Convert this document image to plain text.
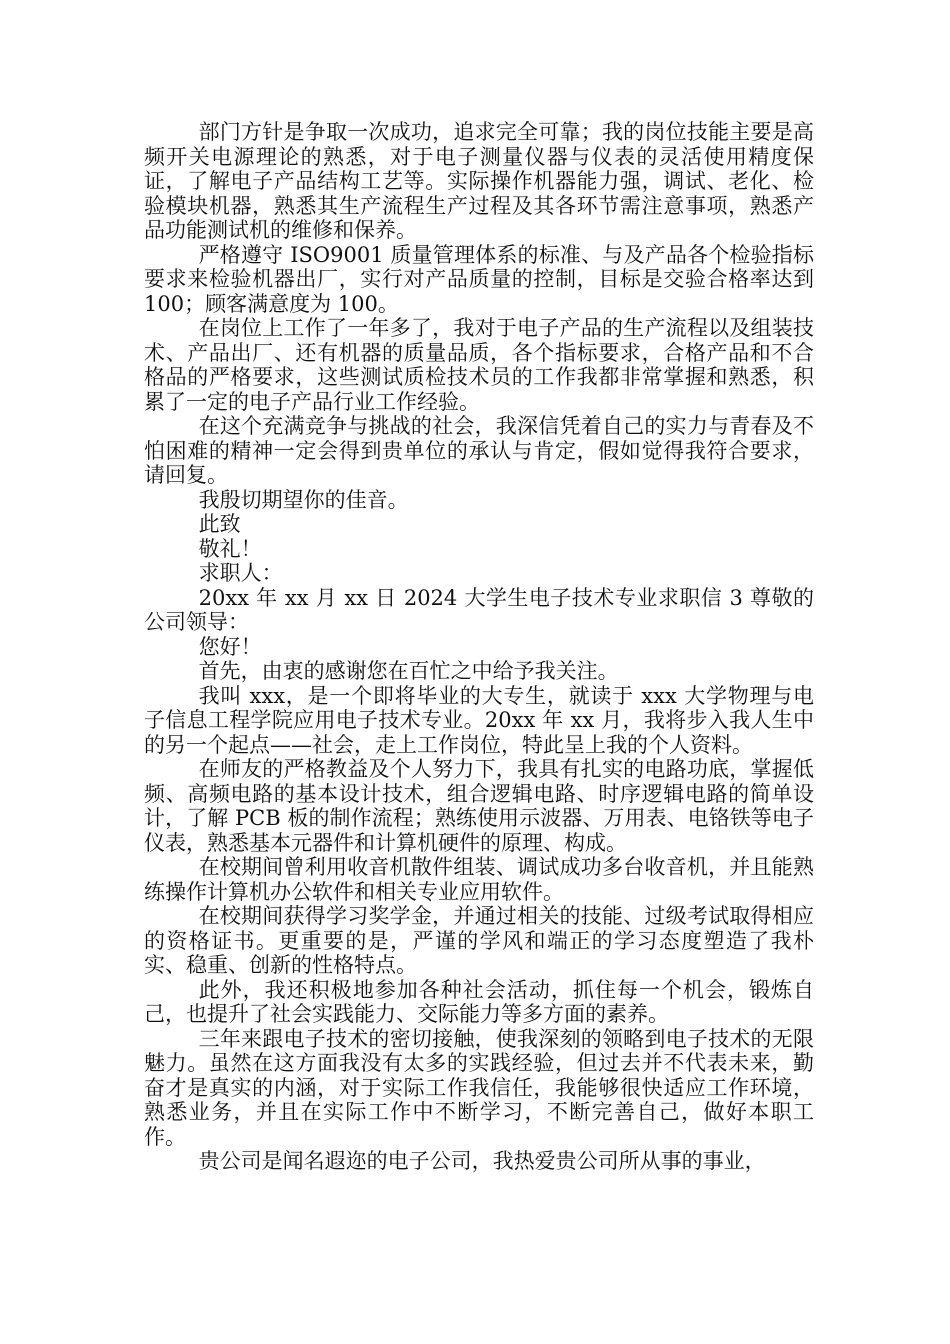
部门方针是争取一次成功，追求完全可靠；我的岗位技能主要是高频开关电源理论的熟悉，对于电子测量仪器与仪表的灵活使用精度保证，了解电子产品结构工艺等。实际操作机器能力强，调试、老化、检验模块机器，熟悉其生产流程生产过程及其各环节需注意事项，熟悉产品功能测试机的维修和保养。

严格遵守 ISO9001 质量管理体系的标准、与及产品各个检验指标要求来检验机器出厂，实行对产品质量的控制，目标是交验合格率达到 100；顾客满意度为 100。

在岗位上工作了一年多了，我对于电子产品的生产流程以及组装技术、产品出厂、还有机器的质量品质，各个指标要求，合格产品和不合格品的严格要求，这些测试质检技术员的工作我都非常掌握和熟悉，积累了一定的电子产品行业工作经验。

在这个充满竞争与挑战的社会，我深信凭着自己的实力与青春及不怕困难的精神一定会得到贵单位的承认与肯定，假如觉得我符合要求，请回复。

我殷切期望你的佳音。

此致

敬礼！

求职人：

20xx 年 xx 月 xx 日 2024 大学生电子技术专业求职信 3 尊敬的公司领导：

您好！

首先，由衷的感谢您在百忙之中给予我关注。

我叫 xxx，是一个即将毕业的大专生，就读于 xxx 大学物理与电子信息工程学院应用电子技术专业。20xx 年 xx 月，我将步入我人生中的另一个起点——社会，走上工作岗位，特此呈上我的个人资料。

在师友的严格教益及个人努力下，我具有扎实的电路功底，掌握低频、高频电路的基本设计技术，组合逻辑电路、时序逻辑电路的简单设计，了解 PCB 板的制作流程；熟练使用示波器、万用表、电铬铁等电子仪表，熟悉基本元器件和计算机硬件的原理、构成。

在校期间曾利用收音机散件组装、调试成功多台收音机，并且能熟练操作计算机办公软件和相关专业应用软件。

在校期间获得学习奖学金，并通过相关的技能、过级考试取得相应的资格证书。更重要的是，严谨的学风和端正的学习态度塑造了我朴实、稳重、创新的性格特点。

此外，我还积极地参加各种社会活动，抓住每一个机会，锻炼自己，也提升了社会实践能力、交际能力等多方面的素养。

三年来跟电子技术的密切接触，使我深刻的领略到电子技术的无限魅力。虽然在这方面我没有太多的实践经验，但过去并不代表未来，勤奋才是真实的内涵，对于实际工作我信任，我能够很快适应工作环境，熟悉业务，并且在实际工作中不断学习，不断完善自己，做好本职工作。

贵公司是闻名遐迩的电子公司，我热爱贵公司所从事的事业，
